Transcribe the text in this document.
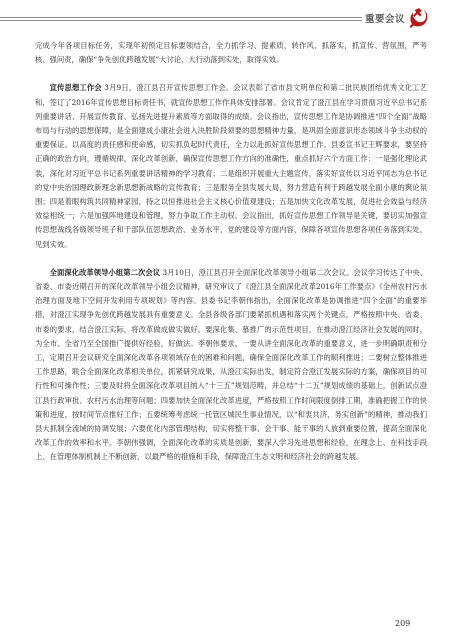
重要会议

完成今年各项目标任务，实现年初预定目标要领结合，全力抓学习、提素质，转作风、抓落实，抓宣传、营氛围，严考核、强问责，确保“争先创优跨越发展”大讨论、大行动落到实处，取得实效。

宣传思想工作会 3月9日，澄江县召开宣传思想工作会。会议表彰了省市县文明单位和第二批民族团结优秀文化工艺和，签订了2016年宣传思想目标责任书，就宣传思想工作作具体安排部署。会议肯定了澄江县在学习贯彻习近平总书记系列重要讲话、开展宣传教育、弘扬先进提升素质等方面取得的成绩。会议指出，宣传思想工作是协调推进“四个全面”战略布局与行动的思想保障，是全面建成小康社会进入决胜阶段须要的思想精神力量，是巩固全面意识形态领域斗争主动权的重要保证。以高度的责任感和使命感，切实抓负起时代责任，全力以赴抓好宣传思想工作。县委宣书记王辉要求，要坚持正确的政治方向，遵循规律，深化改革创新，确保宣传思想工作方向的准确性，重点抓好六个方面工作：一是强化理论武装，深化对习近平总书记系列重要讲话精神的学习教育；二是组织开展重大主题宣传，落实好宣传以习近平同志为总书记的党中央治国理政新理念新思想新战略的宣传教育；三是服务全县发展大局，努力营造有利于跨越发展全面小康的舆论氛围；四是着眼构筑共同精神家园，持之以恒推进社会主义核心价值观建设；五是加快文化改革发展，促进社会效益与经济效益相统一；六是加强阵地建设和管理，努力争取工作主动权。会议指出，抓好宣传思想工作领导是关键，要切实加强宣传思想战线各级领导班子和干部队伍思想政治、业务水平，党的建设等方面内容，保障各项宣传思想各项任务落到实处，见到实效。

全面深化改革领导小组第二次会议 3月10日，澄江县召开全面深化改革领导小组第二次会议。会议学习传达了中央、省委、市委近期召开的深化改革领导小组会议精神，研究审议了《澄江县全面深化改革2016年工作要点》《全州农村污水治理方面及地下空间开发利用专项规划》等内容。县委书记李朝伟指出，全面深化改革是协调推进“四个全面”的重要举措，对澄江实现争先创优跨越发展具有重要意义。全县各级各部门要紧抓机遇和落实两个关键点，严格按照中央、省委、市委的要求，结合澄江实际，将改革做成做实做好。要深化集、慕推广的示范性项目，在推动澄江经济社会发展的同时，为全市、全省乃至全国推广提供好经验，好做法。李朝伟要求，一要从讲全面深化改革的重要意义，进一步明确职责和分工，定期召开会议研究全面深化改革各项领域存在的困难和问题，确保全面深化改革工作的顺利推进；二要树立整体推进工作思路，联合全面深化改革相关单位，抓紧研究成果，从澄江实际出发，制定符合澄江发展实际的方案，确保项目的可行性和可操作性；三要及时将全面深化改革项目纳入“十三五”规划范畴，并总结“十二五”规划成绩的基础上，创新试点澄江县行政审批、农村污水治理等问题；四要加快全面深化改革进度，严格按照工作时间限度倒排工期，准确把握工作的快策和进度，按时间节点推好工作；五要统筹考虑统一托管区城民生事业情况，以“和衷共济，务实创新”的精神，推动我们县大抓制全流域的协调发展；六要优化内部管理结构，切实将整干事、会干事、能干事的人放到重要位置，提高全面深化改革工作的效率和水平。李朝伟强调，全面深化改革的实质是创新，要深入学习先进思想和经验，在理念上、在科技手段上、在管理体制机制上不断创新，以最严格的措施和手段，保障澄江生态文明和经济社会的跨越发展。

209
